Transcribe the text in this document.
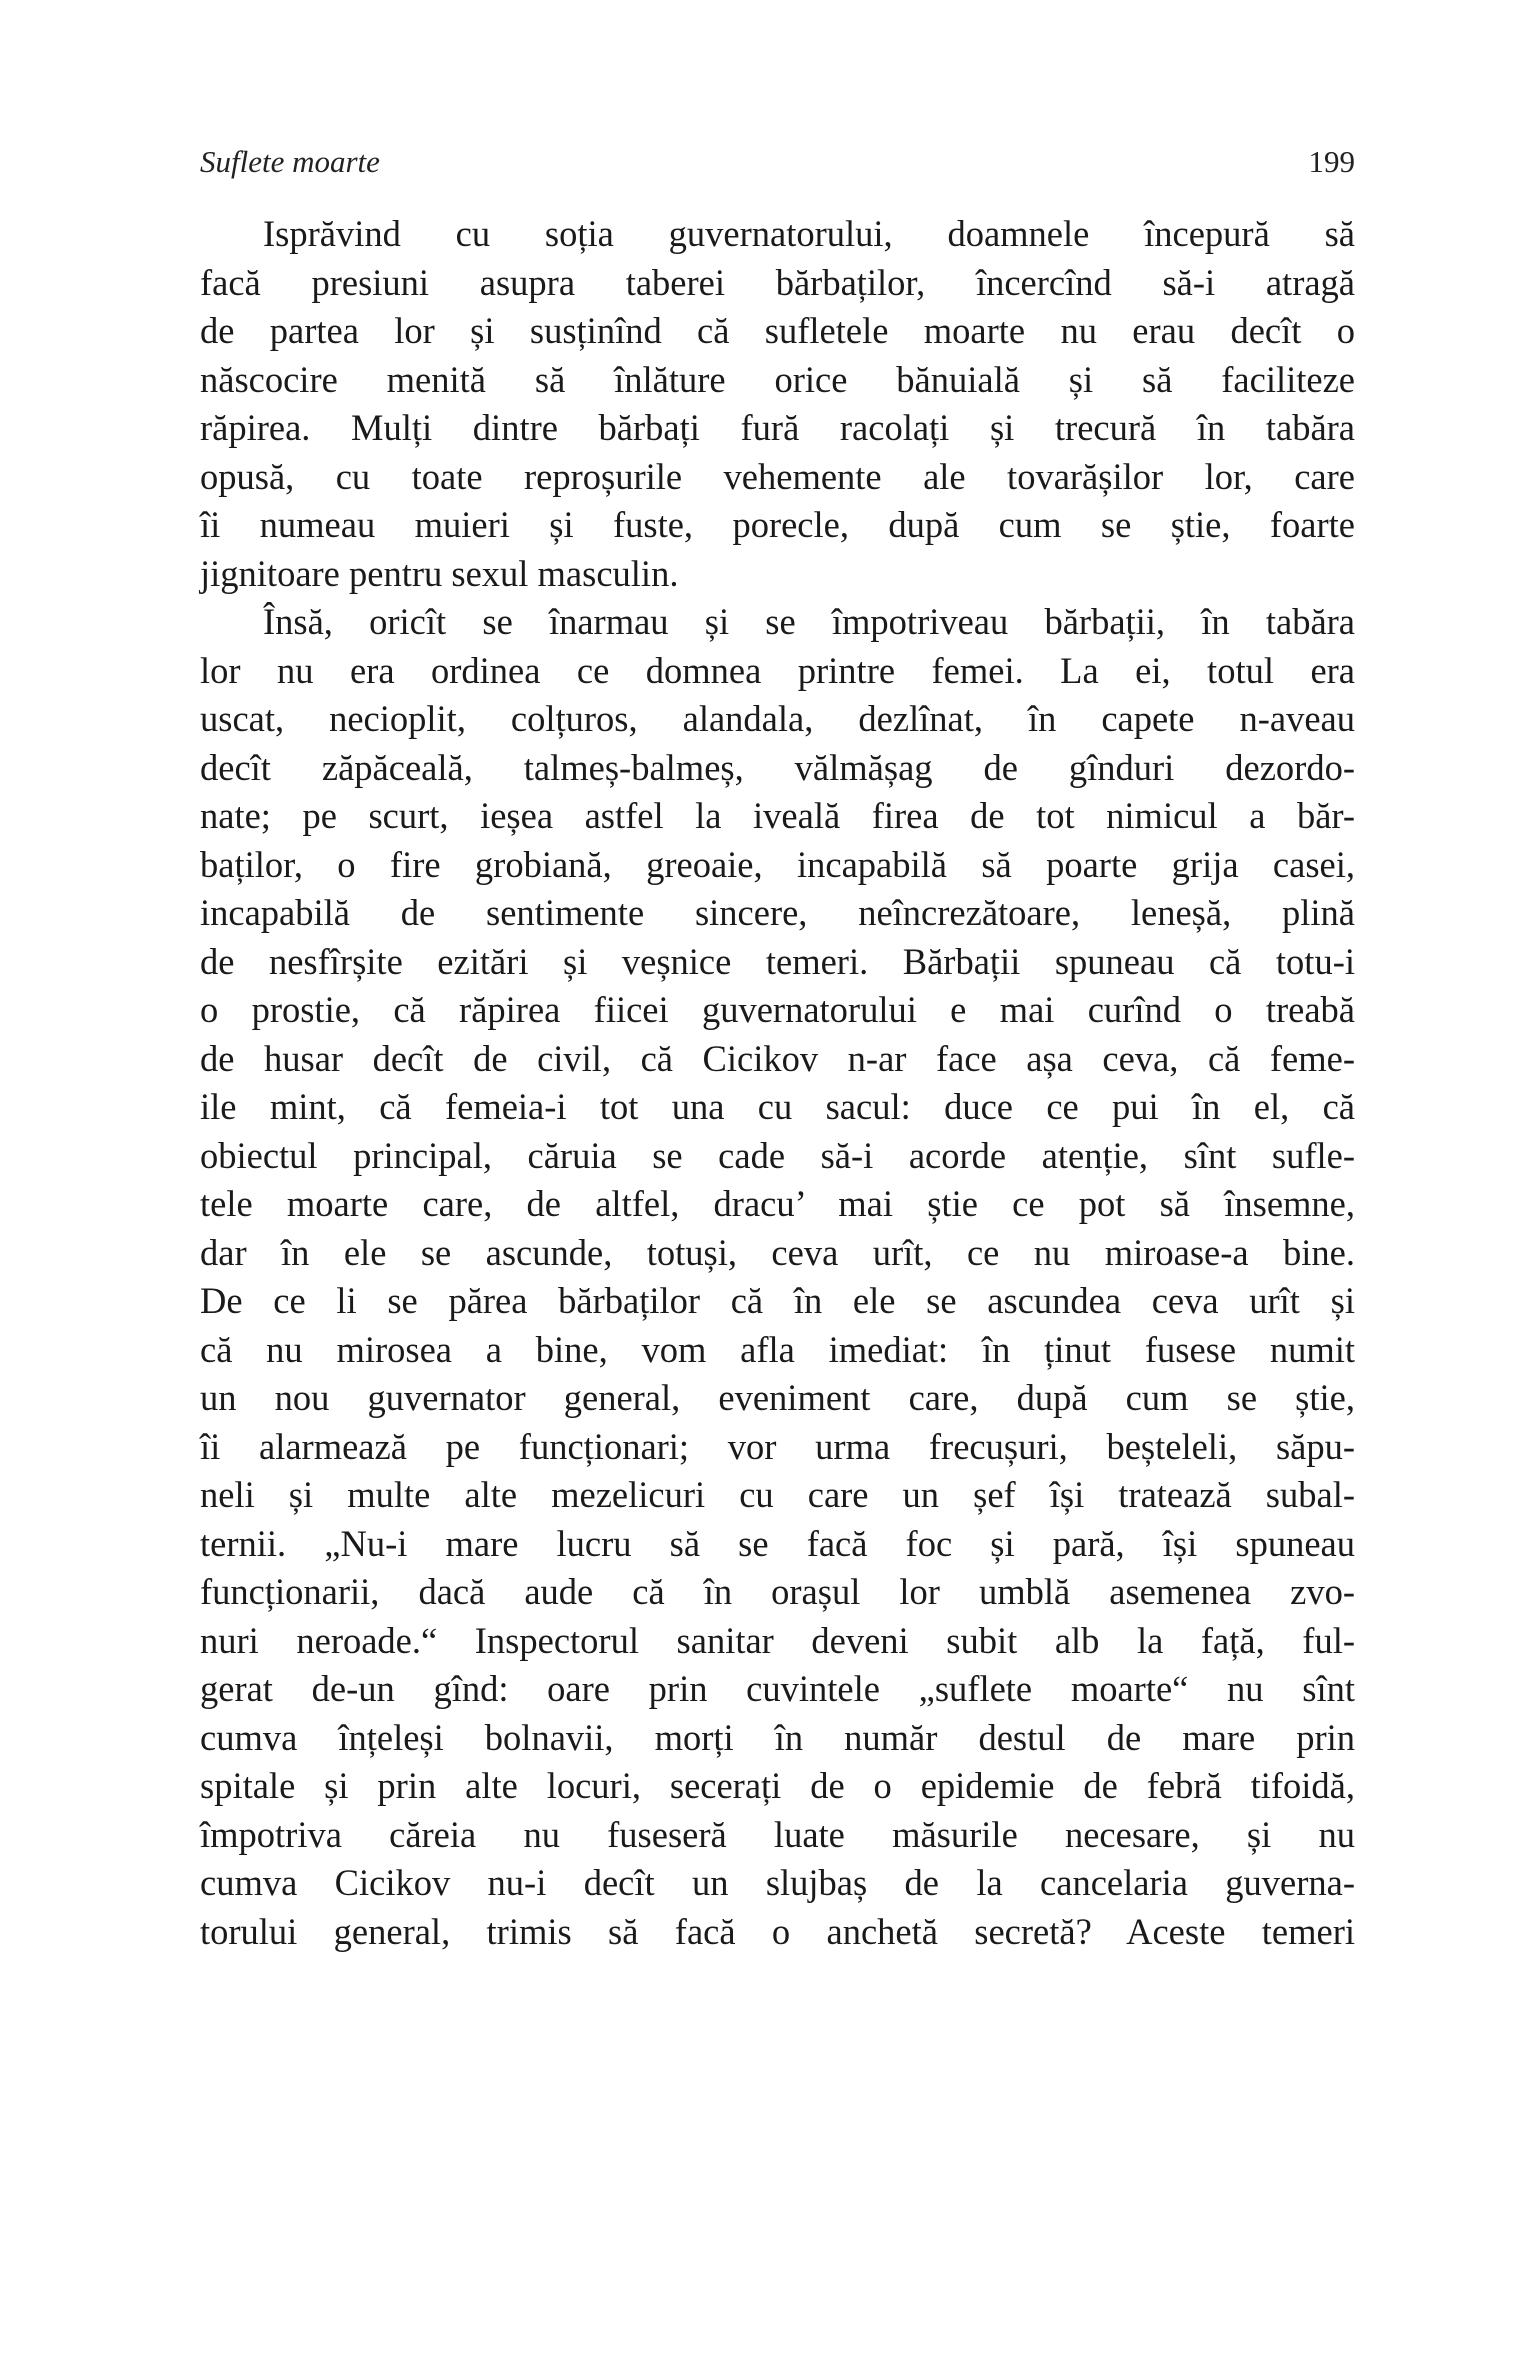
Suflete moarte	199
Isprăvind cu soția guvernatorului, doamnele începură să
facă presiuni asupra taberei bărbaților, încercînd să-i atragă
de partea lor și susținînd că sufletele moarte nu erau decît o
născocire menită să înlăture orice bănuială și să faciliteze
răpirea. Mulți dintre bărbați fură racolați și trecură în tabăra
opusă, cu toate reproșurile vehemente ale tovarășilor lor, care
îi numeau muieri și fuste, porecle, după cum se știe, foarte
jignitoare pentru sexul masculin.
Însă, oricît se înarmau și se împotriveau bărbații, în tabăra
lor nu era ordinea ce domnea printre femei. La ei, totul era
uscat, necioplit, colțuros, alandala, dezlînat, în capete n-aveau
decît zăpăceală, talmeș-balmeș, vălmășag de gînduri dezordo-
nate; pe scurt, ieșea astfel la iveală firea de tot nimicul a băr-
baților, o fire grobiană, greoaie, incapabilă să poarte grija casei,
incapabilă de sentimente sincere, neîncrezătoare, leneșă, plină
de nesfîrșite ezitări și veșnice temeri. Bărbații spuneau că totu-i
o prostie, că răpirea fiicei guvernatorului e mai curînd o treabă
de husar decît de civil, că Cicikov n-ar face așa ceva, că feme-
ile mint, că femeia-i tot una cu sacul: duce ce pui în el, că
obiectul principal, căruia se cade să-i acorde atenție, sînt sufle-
tele moarte care, de altfel, dracu’ mai știe ce pot să însemne,
dar în ele se ascunde, totuși, ceva urît, ce nu miroase-a bine.
De ce li se părea bărbaților că în ele se ascundea ceva urît și
că nu mirosea a bine, vom afla imediat: în ținut fusese numit
un nou guvernator general, eveniment care, după cum se știe,
îi alarmează pe funcționari; vor urma frecușuri, beșteleli, săpu-
neli și multe alte mezelicuri cu care un șef își tratează subal-
ternii. „Nu-i mare lucru să se facă foc și pară, își spuneau
funcționarii, dacă aude că în orașul lor umblă asemenea zvo-
nuri neroade.“ Inspectorul sanitar deveni subit alb la față, ful-
gerat de-un gînd: oare prin cuvintele „suflete moarte“ nu sînt
cumva înțeleși bolnavii, morți în număr destul de mare prin
spitale și prin alte locuri, secerați de o epidemie de febră tifoidă,
împotriva căreia nu fuseseră luate măsurile necesare, și nu
cumva Cicikov nu-i decît un slujbaș de la cancelaria guverna-
torului general, trimis să facă o anchetă secretă? Aceste temeri
